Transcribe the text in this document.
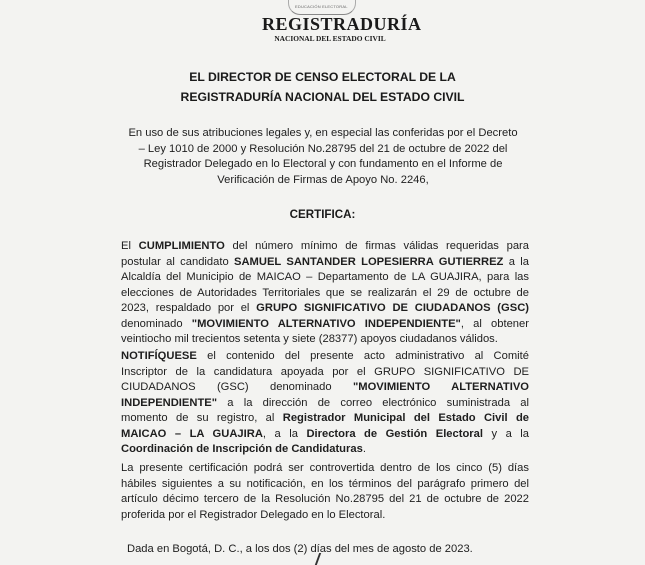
EDUCACIÓN ELECTORAL
REGISTRADURÍA
NACIONAL DEL ESTADO CIVIL
EL DIRECTOR DE CENSO ELECTORAL DE LA
REGISTRADURÍA NACIONAL DEL ESTADO CIVIL
En uso de sus atribuciones legales y, en especial las conferidas por el Decreto
– Ley 1010 de 2000 y Resolución No.28795 del 21 de octubre de 2022 del
Registrador Delegado en lo Electoral y con fundamento en el Informe de
Verificación de Firmas de Apoyo No. 2246,
CERTIFICA:
El CUMPLIMIENTO del número mínimo de firmas válidas requeridas para
postular al candidato SAMUEL SANTANDER LOPESIERRA GUTIERREZ a la
Alcaldía del Municipio de MAICAO – Departamento de LA GUAJIRA, para las
elecciones de Autoridades Territoriales que se realizarán el 29 de octubre de
2023, respaldado por el GRUPO SIGNIFICATIVO DE CIUDADANOS (GSC)
denominado "MOVIMIENTO ALTERNATIVO INDEPENDIENTE", al obtener
veintiocho mil trecientos setenta y siete (28377) apoyos ciudadanos válidos.
NOTIFÍQUESE el contenido del presente acto administrativo al Comité
Inscriptor de la candidatura apoyada por el GRUPO SIGNIFICATIVO DE
CIUDADANOS (GSC) denominado "MOVIMIENTO ALTERNATIVO
INDEPENDIENTE" a la dirección de correo electrónico suministrada al
momento de su registro, al Registrador Municipal del Estado Civil de
MAICAO – LA GUAJIRA, a la Directora de Gestión Electoral y a la
Coordinación de Inscripción de Candidaturas.
La presente certificación podrá ser controvertida dentro de los cinco (5) días
hábiles siguientes a su notificación, en los términos del parágrafo primero del
artículo décimo tercero de la Resolución No.28795 del 21 de octubre de 2022
proferida por el Registrador Delegado en lo Electoral.
Dada en Bogotá, D. C., a los dos (2) días del mes de agosto de 2023.
